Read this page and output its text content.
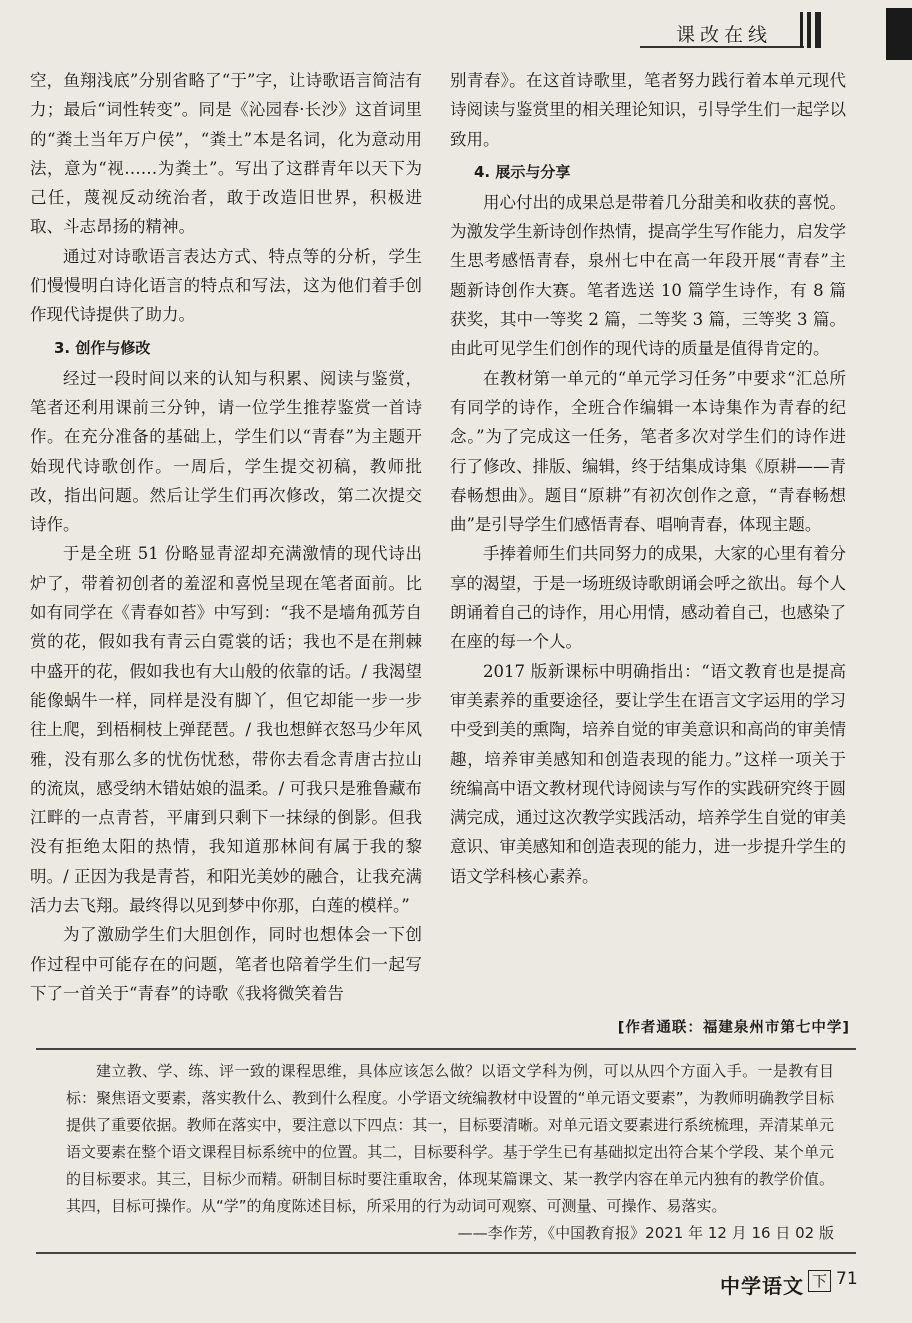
课改在线

空，鱼翔浅底”分别省略了“于”字，让诗歌语言简洁有力；最后“词性转变”。同是《沁园春·长沙》这首词里的“粪土当年万户侯”，“粪土”本是名词，化为意动用法，意为“视……为粪土”。写出了这群青年以天下为己任，蔑视反动统治者，敢于改造旧世界，积极进取、斗志昂扬的精神。

通过对诗歌语言表达方式、特点等的分析，学生们慢慢明白诗化语言的特点和写法，这为他们着手创作现代诗提供了助力。

3. 创作与修改

经过一段时间以来的认知与积累、阅读与鉴赏，笔者还利用课前三分钟，请一位学生推荐鉴赏一首诗作。在充分准备的基础上，学生们以“青春”为主题开始现代诗歌创作。一周后，学生提交初稿，教师批改，指出问题。然后让学生们再次修改，第二次提交诗作。

于是全班 51 份略显青涩却充满激情的现代诗出炉了，带着初创者的羞涩和喜悦呈现在笔者面前。比如有同学在《青春如苔》中写到：“我不是墙角孤芳自赏的花，假如我有青云白霓裳的话；我也不是在荆棘中盛开的花，假如我也有大山般的依靠的话。/ 我渴望能像蜗牛一样，同样是没有脚丫，但它却能一步一步往上爬，到梧桐枝上弹琵琶。/ 我也想鲜衣怒马少年风雅，没有那么多的忧伤忧愁，带你去看念青唐古拉山的流岚，感受纳木错姑娘的温柔。/ 可我只是雅鲁藏布江畔的一点青苔，平庸到只剩下一抹绿的倒影。但我没有拒绝太阳的热情，我知道那林间有属于我的黎明。/ 正因为我是青苔，和阳光美妙的融合，让我充满活力去飞翔。最终得以见到梦中你那，白莲的模样。”

为了激励学生们大胆创作，同时也想体会一下创作过程中可能存在的问题，笔者也陪着学生们一起写下了一首关于“青春”的诗歌《我将微笑着告

别青春》。在这首诗歌里，笔者努力践行着本单元现代诗阅读与鉴赏里的相关理论知识，引导学生们一起学以致用。

4. 展示与分享

用心付出的成果总是带着几分甜美和收获的喜悦。为激发学生新诗创作热情，提高学生写作能力，启发学生思考感悟青春，泉州七中在高一年段开展“青春”主题新诗创作大赛。笔者选送 10 篇学生诗作，有 8 篇获奖，其中一等奖 2 篇，二等奖 3 篇，三等奖 3 篇。由此可见学生们创作的现代诗的质量是值得肯定的。

在教材第一单元的“单元学习任务”中要求“汇总所有同学的诗作，全班合作编辑一本诗集作为青春的纪念。”为了完成这一任务，笔者多次对学生们的诗作进行了修改、排版、编辑，终于结集成诗集《原耕——青春畅想曲》。题目“原耕”有初次创作之意，“青春畅想曲”是引导学生们感悟青春、唱响青春，体现主题。

手捧着师生们共同努力的成果，大家的心里有着分享的渴望，于是一场班级诗歌朗诵会呼之欲出。每个人朗诵着自己的诗作，用心用情，感动着自己，也感染了在座的每一个人。

2017 版新课标中明确指出：“语文教育也是提高审美素养的重要途径，要让学生在语言文字运用的学习中受到美的熏陶，培养自觉的审美意识和高尚的审美情趣，培养审美感知和创造表现的能力。”这样一项关于统编高中语文教材现代诗阅读与写作的实践研究终于圆满完成，通过这次教学实践活动，培养学生自觉的审美意识、审美感知和创造表现的能力，进一步提升学生的语文学科核心素养。

[作者通联：福建泉州市第七中学]

建立教、学、练、评一致的课程思维，具体应该怎么做？以语文学科为例，可以从四个方面入手。一是教有目标：聚焦语文要素，落实教什么、教到什么程度。小学语文统编教材中设置的“单元语文要素”，为教师明确教学目标提供了重要依据。教师在落实中，要注意以下四点：其一，目标要清晰。对单元语文要素进行系统梳理，弄清某单元语文要素在整个语文课程目标系统中的位置。其二，目标要科学。基于学生已有基础拟定出符合某个学段、某个单元的目标要求。其三，目标少而精。研制目标时要注重取舍，体现某篇课文、某一教学内容在单元内独有的教学价值。其四，目标可操作。从“学”的角度陈述目标，所采用的行为动词可观察、可测量、可操作、易落实。

——李作芳，《中国教育报》2021 年 12 月 16 日 02 版

中学语文 下 71
